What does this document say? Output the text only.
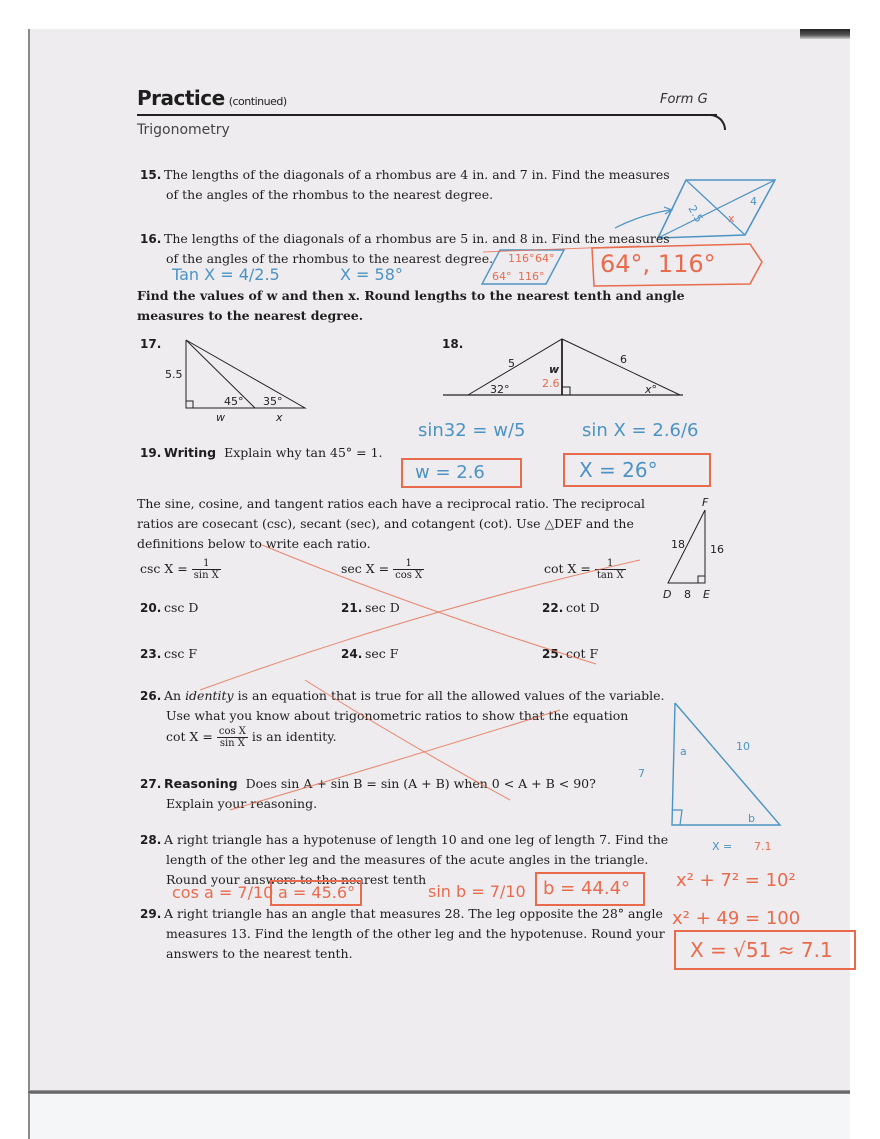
Practice (continued)	Form G
Trigonometry
15. The lengths of the diagonals of a rhombus are 4 in. and 7 in. Find the measures
of the angles of the rhombus to the nearest degree.
2.5
4
x
16. The lengths of the diagonals of a rhombus are 5 in. and 8 in. Find the measures
of the angles of the rhombus to the nearest degree.
Tan X = 4/2.5	X = 58°
116° 64°
64° 116° 64°, 116°
Find the values of w and then x. Round lengths to the nearest tenth and angle
measures to the nearest degree.
17.
5.5
45° 35°
w	x
18.
5	6
32°
w
x°
2.6
sin32 = w/5	sin X = 2.6/6
w = 2.6	X = 26°
19. Writing Explain why tan 45° = 1.
The sine, cosine, and tangent ratios each have a reciprocal ratio. The reciprocal
ratios are cosecant (csc), secant (sec), and cotangent (cot). Use △DEF and the
definitions below to write each ratio.
$\csc X = \frac{1}{\text{sin X}}$	$\sec X = \frac{1}{\text{cos X}}$	$\cot X = \frac{1}{\text{tan X}}$
F
D	E
18 16
8
20. csc D	21. sec D	22. cot D
23. csc F	24. sec F	25. cot F
26. An identity is an equation that is true for all the allowed values of the variable.
Use what you know about trigonometric ratios to show that the equation
$\cot X = \frac{\text{cos X}}{\text{sin X}}$ is an identity.
27. Reasoning Does sin A + sin B = sin (A + B) when 0 < A + B < 90?
Explain your reasoning.
a	10
7
b
X = 7.1
28. A right triangle has a hypotenuse of length 10 and one leg of length 7. Find the
length of the other leg and the measures of the acute angles in the triangle.
Round your answers to the nearest tenth
cos a = 7/10 a = 45.6°	sin b = 7/10 b = 44.4°
29. A right triangle has an angle that measures 28. The leg opposite the 28° angle
measures 13. Find the length of the other leg and the hypotenuse. Round your
answers to the nearest tenth.
x² + 7² = 10²
x² + 49 = 100
X = √51 ≈ 7.1
